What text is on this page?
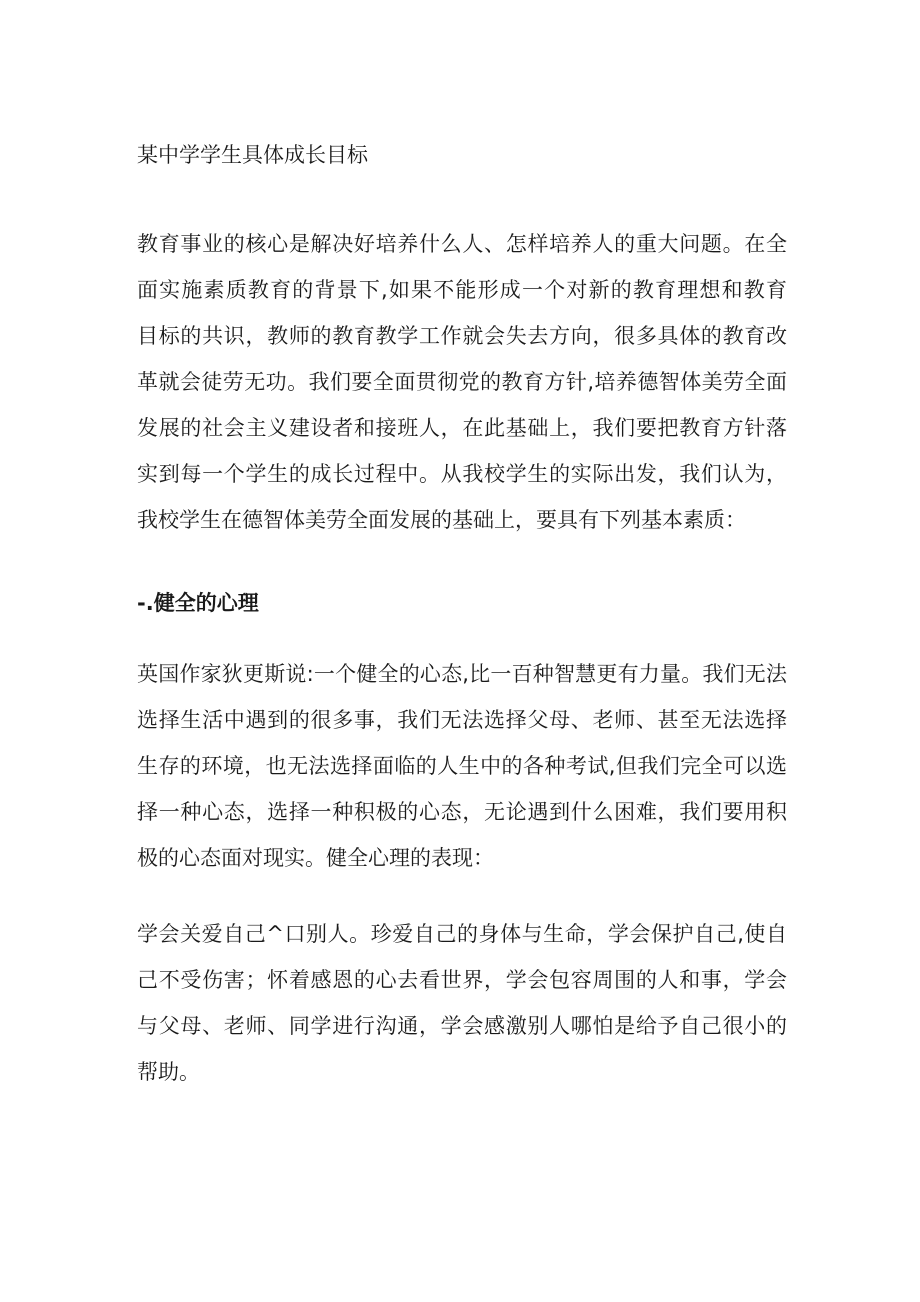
某中学学生具体成长目标
教育事业的核心是解决好培养什么人、怎样培养人的重大问题。在全
面实施素质教育的背景下,如果不能形成一个对新的教育理想和教育
目标的共识，教师的教育教学工作就会失去方向，很多具体的教育改
革就会徒劳无功。我们要全面贯彻党的教育方针,培养德智体美劳全面
发展的社会主义建设者和接班人，在此基础上，我们要把教育方针落
实到每一个学生的成长过程中。从我校学生的实际出发，我们认为，
我校学生在德智体美劳全面发展的基础上，要具有下列基本素质：
-.健全的心理
英国作家狄更斯说:一个健全的心态,比一百种智慧更有力量。我们无法
选择生活中遇到的很多事，我们无法选择父母、老师、甚至无法选择
生存的环境，也无法选择面临的人生中的各种考试,但我们完全可以选
择一种心态，选择一种积极的心态，无论遇到什么困难，我们要用积
极的心态面对现实。健全心理的表现：
学会关爱自己^口别人。珍爱自己的身体与生命，学会保护自己,使自
己不受伤害；怀着感恩的心去看世界，学会包容周围的人和事，学会
与父母、老师、同学进行沟通，学会感激别人哪怕是给予自己很小的
帮助。
